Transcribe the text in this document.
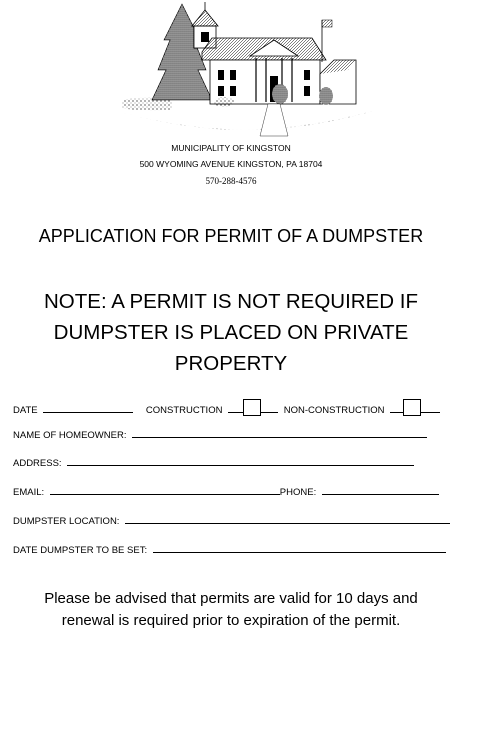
MUNICIPALITY OF KINGSTON
500 WYOMING AVENUE KINGSTON, PA 18704
570-288-4576
APPLICATION FOR PERMIT OF A DUMPSTER
NOTE: A PERMIT IS NOT REQUIRED IF DUMPSTER IS PLACED ON PRIVATE PROPERTY
DATE	CONSTRUCTION	NON-CONSTRUCTION
NAME OF HOMEOWNER:
ADDRESS:
EMAIL:	PHONE:
DUMPSTER LOCATION:
DATE DUMPSTER TO BE SET:
Please be advised that permits are valid for 10 days and renewal is required prior to expiration of the permit.
